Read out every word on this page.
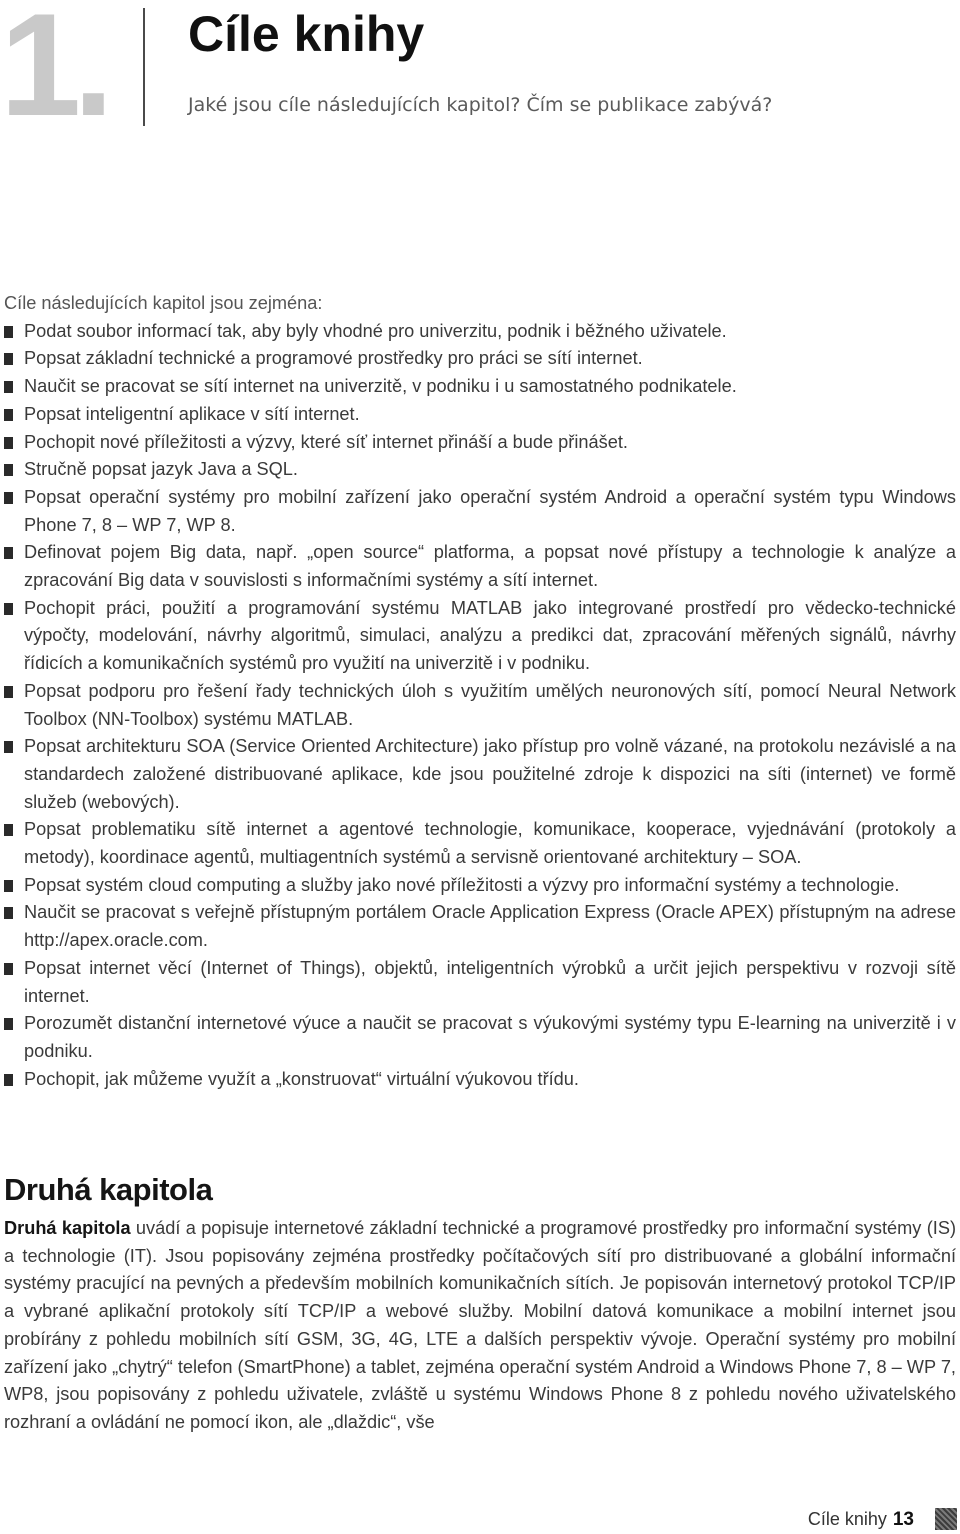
1.	Cíle knihy
Jaké jsou cíle následujících kapitol? Čím se publikace zabývá?

Cíle následujících kapitol jsou zejména:

Podat soubor informací tak, aby byly vhodné pro univerzitu, podnik i běžného uživatele.
Popsat základní technické a programové prostředky pro práci se sítí internet.
Naučit se pracovat se sítí internet na univerzitě, v podniku i u samostatného podnikatele.
Popsat inteligentní aplikace v sítí internet.
Pochopit nové příležitosti a výzvy, které síť internet přináší a bude přinášet.
Stručně popsat jazyk Java a SQL.
Popsat operační systémy pro mobilní zařízení jako operační systém Android a operační systém typu Windows Phone 7, 8 – WP 7, WP 8.
Definovat pojem Big data, např. „open source“ platforma, a popsat nové přístupy a technologie k analýze a zpracování Big data v souvislosti s informačními systémy a sítí internet.
Pochopit práci, použití a programování systému MATLAB jako integrované prostředí pro vědecko-technické výpočty, modelování, návrhy algoritmů, simulaci, analýzu a predikci dat, zpracování měřených signálů, návrhy řídicích a komunikačních systémů pro využití na univerzitě i v podniku.
Popsat podporu pro řešení řady technických úloh s využitím umělých neuronových sítí, pomocí Neural Network Toolbox (NN-Toolbox) systému MATLAB.
Popsat architekturu SOA (Service Oriented Architecture) jako přístup pro volně vázané, na protokolu nezávislé a na standardech založené distribuované aplikace, kde jsou použitelné zdroje k dispozici na síti (internet) ve formě služeb (webových).
Popsat problematiku sítě internet a agentové technologie, komunikace, kooperace, vyjednávání (protokoly a metody), koordinace agentů, multiagentních systémů a servisně orientované architektury – SOA.
Popsat systém cloud computing a služby jako nové příležitosti a výzvy pro informační systémy a technologie.
Naučit se pracovat s veřejně přístupným portálem Oracle Application Express (Oracle APEX) přístupným na adrese http://apex.oracle.com.
Popsat internet věcí (Internet of Things), objektů, inteligentních výrobků a určit jejich perspektivu v rozvoji sítě internet.
Porozumět distanční internetové výuce a naučit se pracovat s výukovými systémy typu E-learning na univerzitě i v podniku.
Pochopit, jak můžeme využít a „konstruovat“ virtuální výukovou třídu.
Druhá kapitola

Druhá kapitola uvádí a popisuje internetové základní technické a programové prostředky pro informační systémy (IS) a technologie (IT). Jsou popisovány zejména prostředky počítačových sítí pro distribuované a globální informační systémy pracující na pevných a především mobilních komunikačních sítích. Je popisován internetový protokol TCP/IP a vybrané aplikační protokoly sítí TCP/IP a webové služby. Mobilní datová komunikace a mobilní internet jsou probírány z pohledu mobilních sítí GSM, 3G, 4G, LTE a dalších perspektiv vývoje. Operační systémy pro mobilní zařízení jako „chytrý“ telefon (SmartPhone) a tablet, zejména operační systém Android a Windows Phone 7, 8 – WP 7, WP8, jsou popisovány z pohledu uživatele, zvláště u systému Windows Phone 8 z pohledu nového uživatelského rozhraní a ovládání ne pomocí ikon, ale „dlaždic“, vše

Cíle knihy 13
